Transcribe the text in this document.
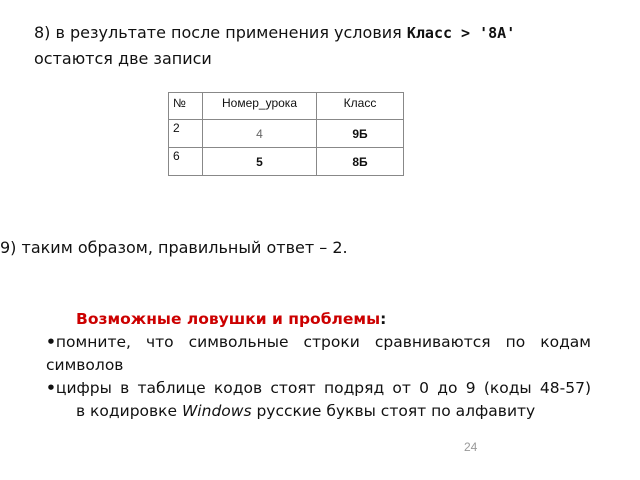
8) в результате после применения условия Класс > '8А'
остаются две записи
№	Номер_урока	Класс
2	4	9Б
6	5	8Б
9) таким образом, правильный ответ – 2.
Возможные ловушки и проблемы:

•помните, что символьные строки сравниваются по кодам символов

•цифры в таблице кодов стоят подряд от 0 до 9 (коды 48-57)

в кодировке Windows русские буквы стоят по алфавиту

24
